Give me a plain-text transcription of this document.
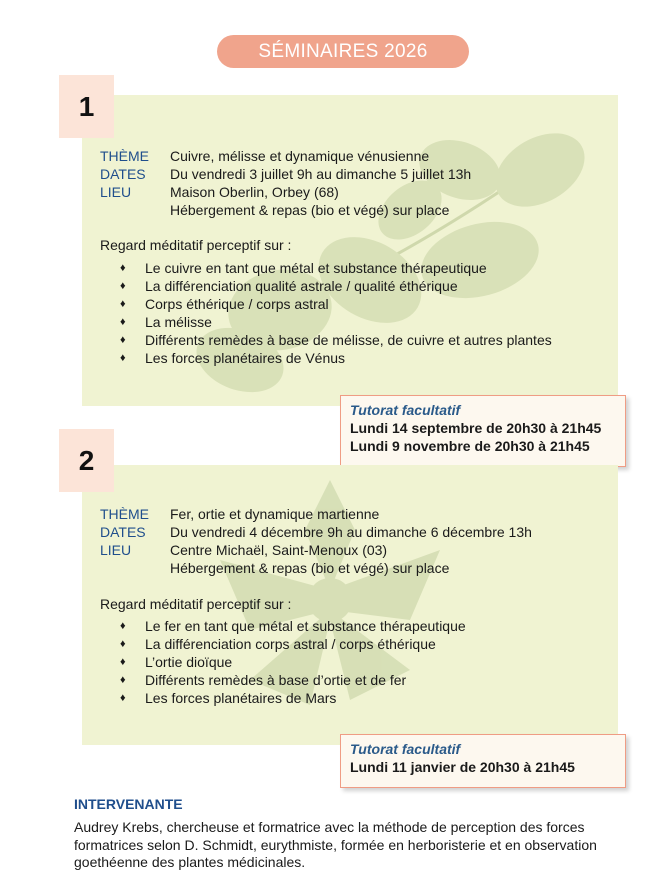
SÉMINAIRES 2026
1
THÈME	Cuivre, mélisse et dynamique vénusienne
DATES	Du vendredi 3 juillet 9h au dimanche 5 juillet 13h
LIEU	Maison Oberlin, Orbey (68)
Hébergement & repas (bio et végé) sur place
Regard méditatif perceptif sur :
♦	Le cuivre en tant que métal et substance thérapeutique
♦	La différenciation qualité astrale / qualité éthérique
♦	Corps éthérique / corps astral
♦	La mélisse
♦	Différents remèdes à base de mélisse, de cuivre et autres plantes
♦	Les forces planétaires de Vénus
Tutorat facultatif
Lundi 14 septembre de 20h30 à 21h45
Lundi 9 novembre de 20h30 à 21h45
2
THÈME	Fer, ortie et dynamique martienne
DATES	Du vendredi 4 décembre 9h au dimanche 6 décembre 13h
LIEU	Centre Michaël, Saint-Menoux (03)
Hébergement & repas (bio et végé) sur place
Regard méditatif perceptif sur :
♦	Le fer en tant que métal et substance thérapeutique
♦	La différenciation corps astral / corps éthérique
♦	L’ortie dioïque
♦	Différents remèdes à base d’ortie et de fer
♦	Les forces planétaires de Mars
Tutorat facultatif
Lundi 11 janvier de 20h30 à 21h45
INTERVENANTE
Audrey Krebs, chercheuse et formatrice avec la méthode de perception des forces formatrices selon D. Schmidt, eurythmiste, formée en herboristerie et en observation goethéenne des plantes médicinales.
